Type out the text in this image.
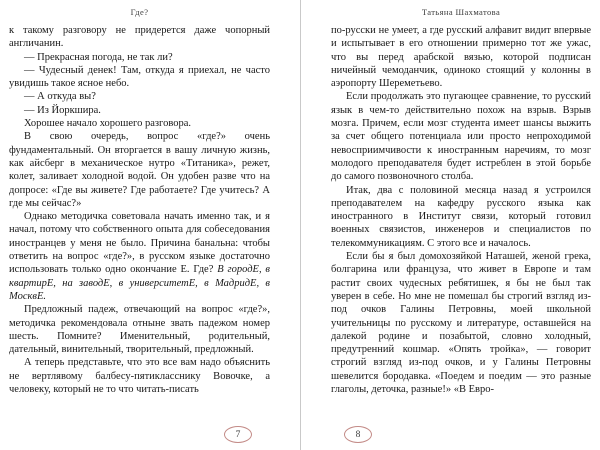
Где?

к такому разговору не придерется даже чопорный англичанин.

— Прекрасная погода, не так ли?

— Чудесный денек! Там, откуда я приехал, не часто увидишь такое ясное небо.

— А откуда вы?

— Из Йоркшира.

Хорошее начало хорошего разговора.

В свою очередь, вопрос «где?» очень фундаментальный. Он вторгается в вашу личную жизнь, как айсберг в механическое нутро «Титаника», режет, колет, заливает холодной водой. Он удобен разве что на допросе: «Где вы живете? Где работаете? Где учитесь? А где мы сейчас?»

Однако методичка советовала начать именно так, и я начал, потому что собственного опыта для собеседования иностранцев у меня не было. Причина банальна: чтобы ответить на вопрос «где?», в русском языке достаточно использовать только одно окончание Е. Где? В городЕ, в квартирЕ, на заводЕ, в университетЕ, в МадридЕ, в МосквЕ.

Предложный падеж, отвечающий на вопрос «где?», методичка рекомендовала отныне звать падежом номер шесть. Помните? Именительный, родительный, дательный, винительный, творительный, предложный.

А теперь представьте, что это все вам надо объяснить не вертлявому балбесу-пятикласснику Вовочке, а человеку, который не то что читать-писать

7
Татьяна Шахматова

по-русски не умеет, а где русский алфавит видит впервые и испытывает в его отношении примерно тот же ужас, что вы перед арабской вязью, которой подписан ничейный чемоданчик, одиноко стоящий у колонны в аэропорту Шереметьево.

Если продолжать это пугающее сравнение, то русский язык в чем-то действительно похож на взрыв. Взрыв мозга. Причем, если мозг студента имеет шансы выжить за счет общего потенциала или просто непроходимой невосприимчивости к иностранным наречиям, то мозг молодого преподавателя будет истреблен в этой борьбе до самого позвоночного столба.

Итак, два с половиной месяца назад я устроился преподавателем на кафедру русского языка как иностранного в Институт связи, который готовил военных связистов, инженеров и специалистов по телекоммуникациям. С этого все и началось.

Если бы я был домохозяйкой Наташей, женой грека, болгарина или француза, что живет в Европе и там растит своих чудесных ребятишек, я бы не был так уверен в себе. Но мне не помешал бы строгий взгляд из-под очков Галины Петровны, моей школьной учительницы по русскому и литературе, оставшейся на далекой родине и позабытой, словно холодный, предутренний кошмар. «Опять тройка», — говорит строгий взгляд из-под очков, и у Галины Петровны шевелится бородавка. «Поедем и поедим — это разные глаголы, деточка, разные!» «В Евро-

8
